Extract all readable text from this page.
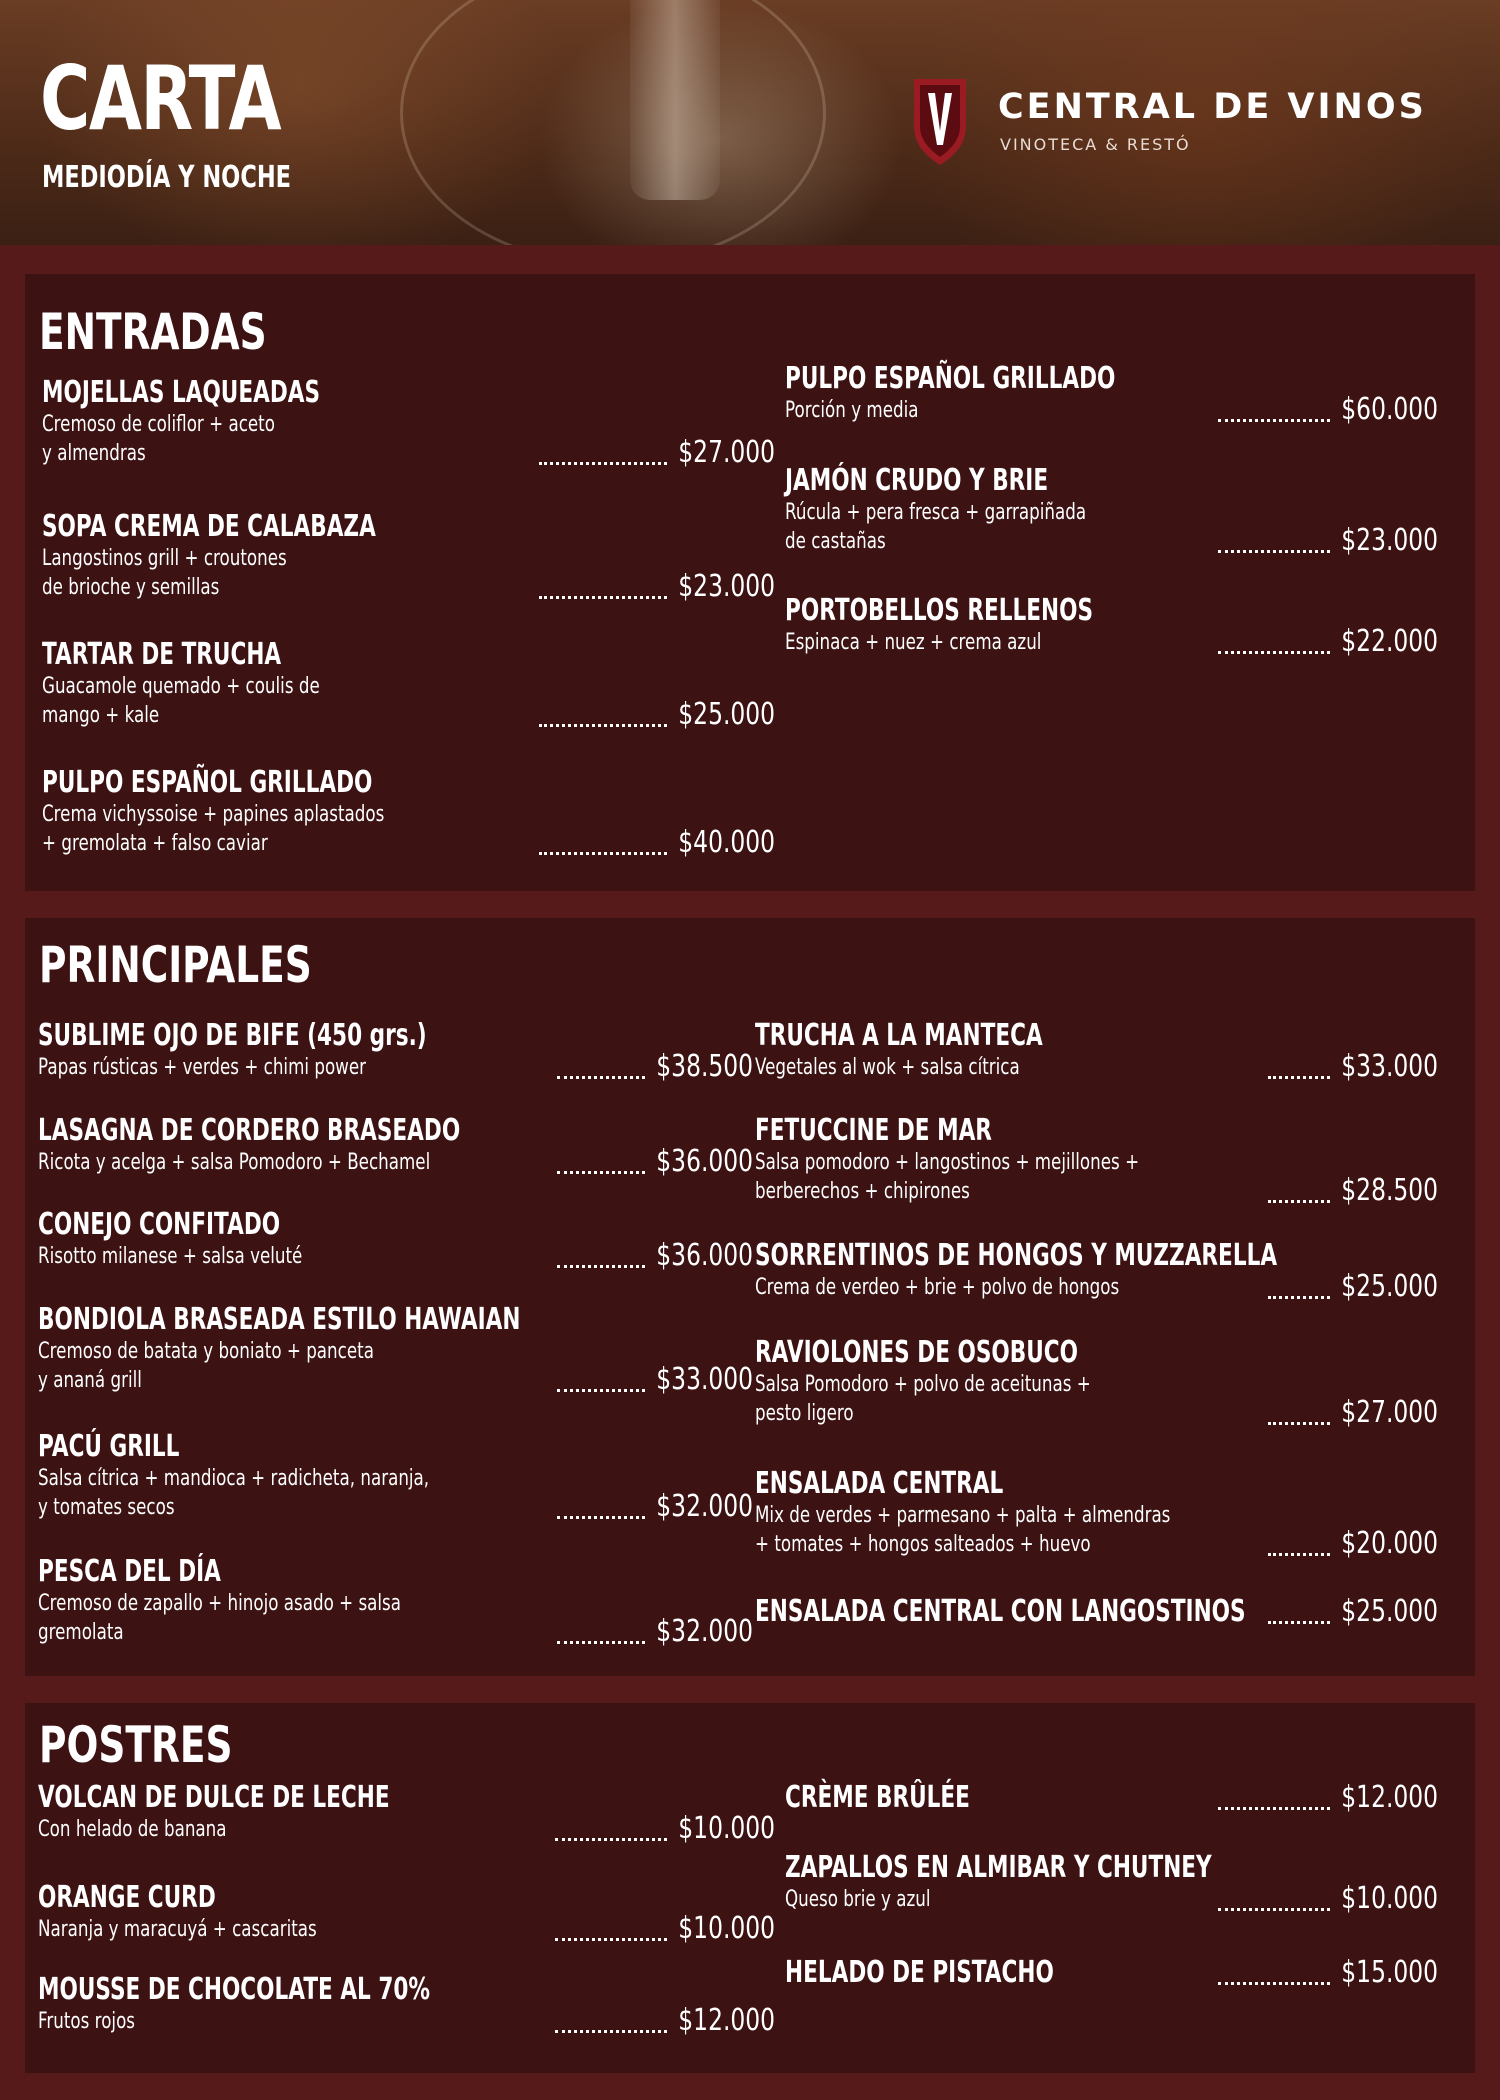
CARTA
MEDIODÍA Y NOCHE
CENTRAL DE VINOS
VINOTECA & RESTÓ
ENTRADAS
MOJELLAS LAQUEADAS
Cremoso de coliflor + aceto
y almendras	$27.000
SOPA CREMA DE CALABAZA
Langostinos grill + croutones
de brioche y semillas	$23.000
TARTAR DE TRUCHA
Guacamole quemado + coulis de
mango + kale	$25.000
PULPO ESPAÑOL GRILLADO
Crema vichyssoise + papines aplastados
+ gremolata + falso caviar	$40.000
PULPO ESPAÑOL GRILLADO
Porción y media	$60.000
JAMÓN CRUDO Y BRIE
Rúcula + pera fresca + garrapiñada
de castañas	$23.000
PORTOBELLOS RELLENOS
Espinaca + nuez + crema azul	$22.000
PRINCIPALES
SUBLIME OJO DE BIFE (450 grs.)
Papas rústicas + verdes + chimi power	$38.500
LASAGNA DE CORDERO BRASEADO
Ricota y acelga + salsa Pomodoro + Bechamel	$36.000
CONEJO CONFITADO
Risotto milanese + salsa veluté	$36.000
BONDIOLA BRASEADA ESTILO HAWAIAN
Cremoso de batata y boniato + panceta
y ananá grill	$33.000
PACÚ GRILL
Salsa cítrica + mandioca + radicheta, naranja,
y tomates secos	$32.000
PESCA DEL DÍA
Cremoso de zapallo + hinojo asado + salsa
gremolata	$32.000
TRUCHA A LA MANTECA
Vegetales al wok + salsa cítrica	$33.000
FETUCCINE DE MAR
Salsa pomodoro + langostinos + mejillones +
berberechos + chipirones	$28.500
SORRENTINOS DE HONGOS Y MUZZARELLA
Crema de verdeo + brie + polvo de hongos	$25.000
RAVIOLONES DE OSOBUCO
Salsa Pomodoro + polvo de aceitunas +
pesto ligero	$27.000
ENSALADA CENTRAL
Mix de verdes + parmesano + palta + almendras
+ tomates + hongos salteados + huevo	$20.000
ENSALADA CENTRAL CON LANGOSTINOS	$25.000
POSTRES
VOLCAN DE DULCE DE LECHE
Con helado de banana	$10.000
ORANGE CURD
Naranja y maracuyá + cascaritas	$10.000
MOUSSE DE CHOCOLATE AL 70%
Frutos rojos	$12.000
CRÈME BRÛLÉE	$12.000
ZAPALLOS EN ALMIBAR Y CHUTNEY
Queso brie y azul	$10.000
HELADO DE PISTACHO	$15.000
